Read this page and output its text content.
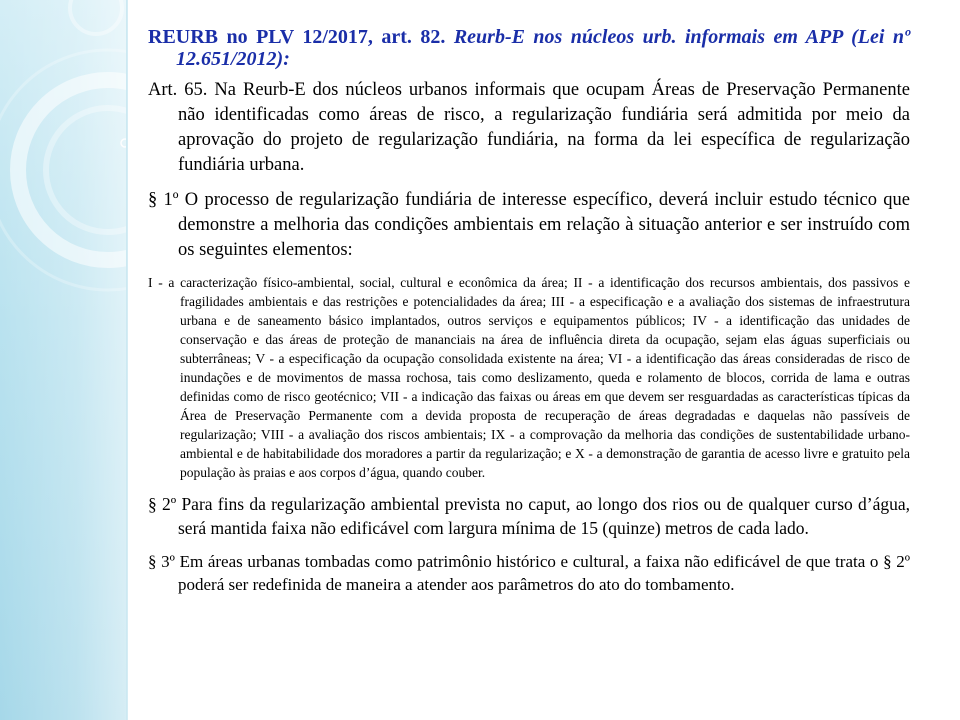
REURB no PLV 12/2017, art. 82. Reurb-E nos núcleos urb. informais em APP (Lei nº 12.651/2012):

Art. 65. Na Reurb-E dos núcleos urbanos informais que ocupam Áreas de Preservação Permanente não identificadas como áreas de risco, a regularização fundiária será admitida por meio da aprovação do projeto de regularização fundiária, na forma da lei específica de regularização fundiária urbana.

§ 1º O processo de regularização fundiária de interesse específico, deverá incluir estudo técnico que demonstre a melhoria das condições ambientais em relação à situação anterior e ser instruído com os seguintes elementos:

I - a caracterização físico-ambiental, social, cultural e econômica da área; II - a identificação dos recursos ambientais, dos passivos e fragilidades ambientais e das restrições e potencialidades da área; III - a especificação e a avaliação dos sistemas de infraestrutura urbana e de saneamento básico implantados, outros serviços e equipamentos públicos; IV - a identificação das unidades de conservação e das áreas de proteção de mananciais na área de influência direta da ocupação, sejam elas águas superficiais ou subterrâneas; V - a especificação da ocupação consolidada existente na área; VI - a identificação das áreas consideradas de risco de inundações e de movimentos de massa rochosa, tais como deslizamento, queda e rolamento de blocos, corrida de lama e outras definidas como de risco geotécnico; VII - a indicação das faixas ou áreas em que devem ser resguardadas as características típicas da Área de Preservação Permanente com a devida proposta de recuperação de áreas degradadas e daquelas não passíveis de regularização; VIII - a avaliação dos riscos ambientais; IX - a comprovação da melhoria das condições de sustentabilidade urbano-ambiental e de habitabilidade dos moradores a partir da regularização; e X - a demonstração de garantia de acesso livre e gratuito pela população às praias e aos corpos d’água, quando couber.

§ 2º Para fins da regularização ambiental prevista no caput, ao longo dos rios ou de qualquer curso d’água, será mantida faixa não edificável com largura mínima de 15 (quinze) metros de cada lado.

§ 3º Em áreas urbanas tombadas como patrimônio histórico e cultural, a faixa não edificável de que trata o § 2º poderá ser redefinida de maneira a atender aos parâmetros do ato do tombamento.
